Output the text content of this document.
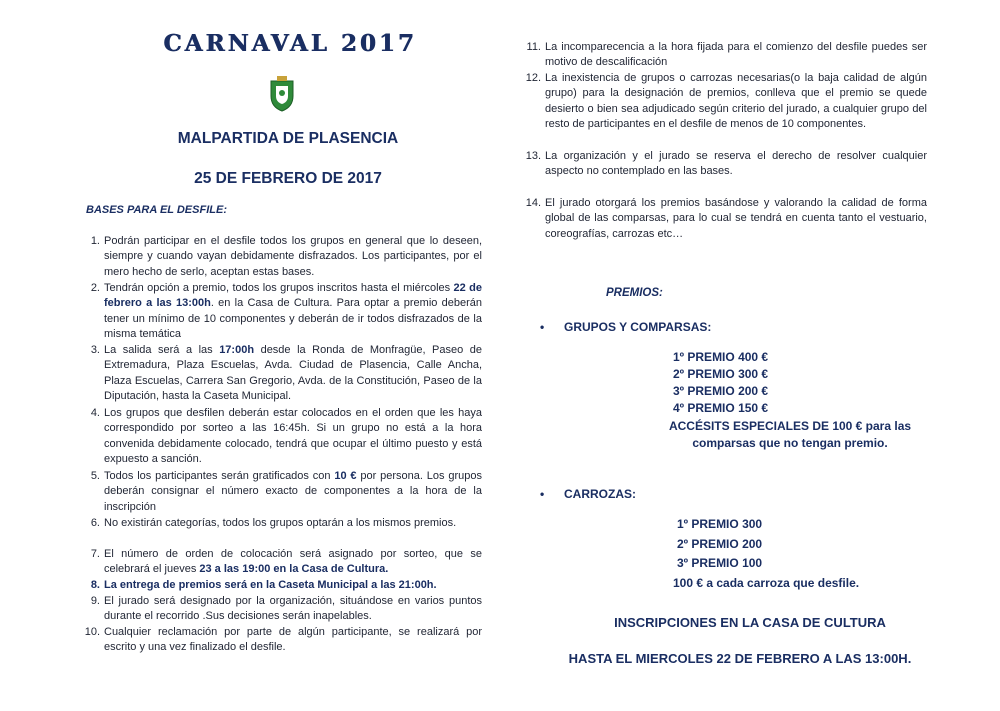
CARNAVAL 2017
MALPARTIDA DE PLASENCIA
25 DE FEBRERO DE 2017

BASES PARA EL DESFILE:

1. Podrán participar en el desfile todos los grupos en general que lo deseen, siempre y cuando vayan debidamente disfrazados. Los participantes, por el mero hecho de serlo, aceptan estas bases.
2. Tendrán opción a premio, todos los grupos inscritos hasta el miércoles 22 de febrero a las 13:00h. en la Casa de Cultura. Para optar a premio deberán tener un mínimo de 10 componentes y deberán de ir todos disfrazados de la misma temática
3. La salida será a las 17:00h desde la Ronda de Monfragüe, Paseo de Extremadura, Plaza Escuelas, Avda. Ciudad de Plasencia, Calle Ancha, Plaza Escuelas, Carrera San Gregorio, Avda. de la Constitución, Paseo de la Diputación, hasta la Caseta Municipal.
4. Los grupos que desfilen deberán estar colocados en el orden que les haya correspondido por sorteo a las 16:45h. Si un grupo no está a la hora convenida debidamente colocado, tendrá que ocupar el último puesto y está expuesto a sanción.
5. Todos los participantes serán gratificados con 10 € por persona. Los grupos deberán consignar el número exacto de componentes a la hora de la inscripción
6. No existirán categorías, todos los grupos optarán a los mismos premios.
7. El número de orden de colocación será asignado por sorteo, que se celebrará el jueves 23 a las 19:00 en la Casa de Cultura.
8. La entrega de premios será en la Caseta Municipal a las 21:00h.
9. El jurado será designado por la organización, situándose en varios puntos durante el recorrido .Sus decisiones serán inapelables.
10. Cualquier reclamación por parte de algún participante, se realizará por escrito y una vez finalizado el desfile.
11. La incomparecencia a la hora fijada para el comienzo del desfile puedes ser motivo de descalificación
12. La inexistencia de grupos o carrozas necesarias(o la baja calidad de algún grupo) para la designación de premios, conlleva que el premio se quede desierto o bien sea adjudicado según criterio del jurado, a cualquier grupo del resto de participantes en el desfile de menos de 10 componentes.
13. La organización y el jurado se reserva el derecho de resolver cualquier aspecto no contemplado en las bases.
14. El jurado otorgará los premios basándose y valorando la calidad de forma global de las comparsas, para lo cual se tendrá en cuenta tanto el vestuario, coreografías, carrozas etc…

PREMIOS:

• GRUPOS Y COMPARSAS:

1º PREMIO 400 €

2º PREMIO 300 €

3º PREMIO 200 €

4º PREMIO 150 €

ACCÉSITS ESPECIALES DE 100 € para las comparsas que no tengan premio.

• CARROZAS:

1º PREMIO 300

2º PREMIO 200

3º PREMIO 100

100 € a cada carroza que desfile.

INSCRIPCIONES EN LA CASA DE CULTURA

HASTA EL MIERCOLES 22 DE FEBRERO A LAS 13:00H.
